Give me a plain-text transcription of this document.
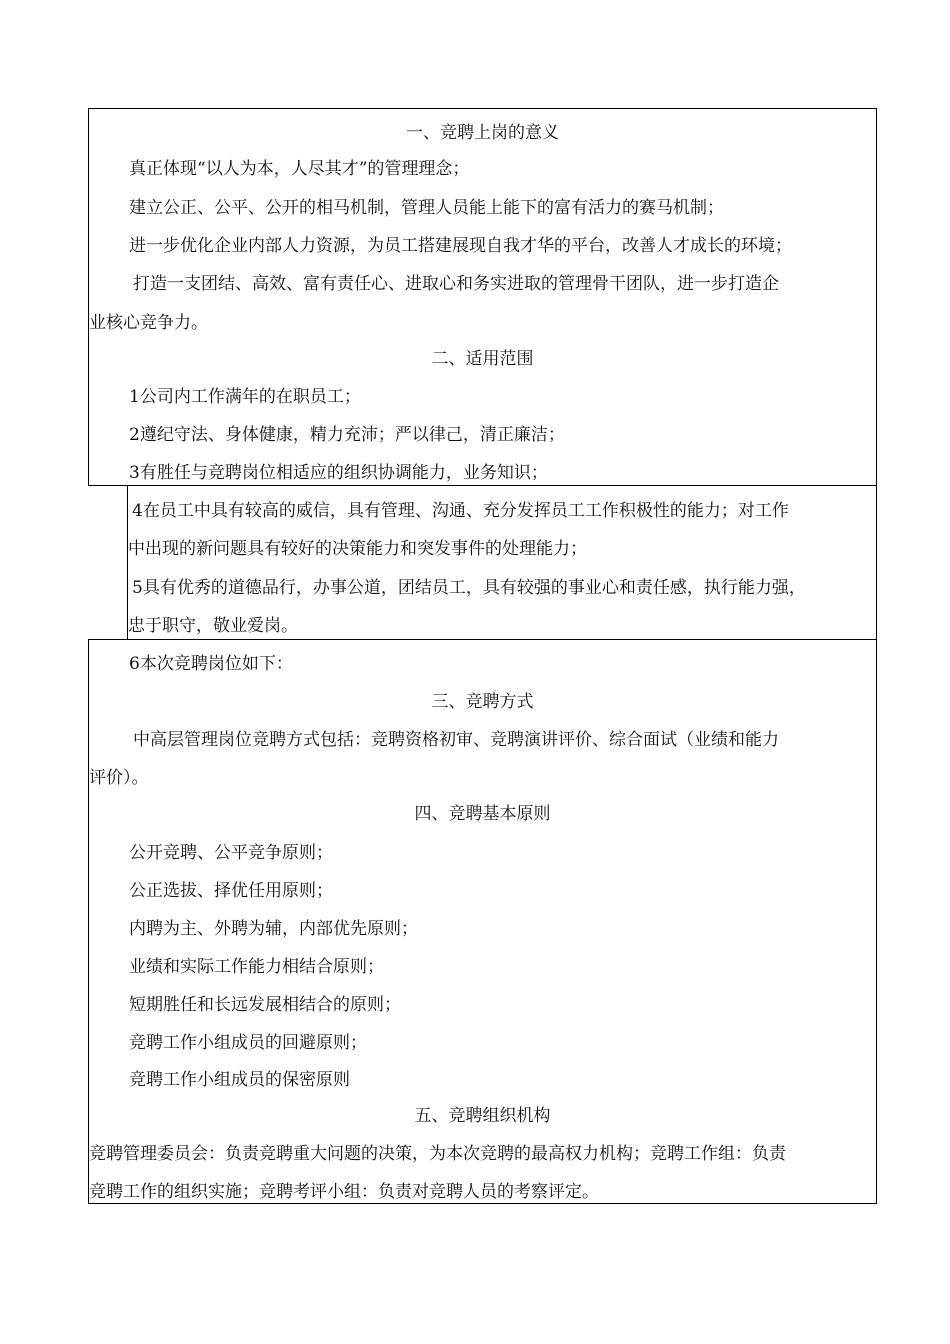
一、竞聘上岗的意义
真正体现“以人为本，人尽其才”的管理理念；
建立公正、公平、公开的相马机制，管理人员能上能下的富有活力的赛马机制；
进一步优化企业内部人力资源，为员工搭建展现自我才华的平台，改善人才成长的环境；
打造一支团结、高效、富有责任心、进取心和务实进取的管理骨干团队，进一步打造企
业核心竞争力。
二、适用范围
1公司内工作满年的在职员工；
2遵纪守法、身体健康，精力充沛；严以律己，清正廉洁；
3有胜任与竞聘岗位相适应的组织协调能力，业务知识；
4在员工中具有较高的威信，具有管理、沟通、充分发挥员工工作积极性的能力；对工作
中出现的新问题具有较好的决策能力和突发事件的处理能力；
5具有优秀的道德品行，办事公道，团结员工，具有较强的事业心和责任感，执行能力强，
忠于职守，敬业爱岗。
6本次竞聘岗位如下：
三、竞聘方式
中高层管理岗位竞聘方式包括：竞聘资格初审、竞聘演讲评价、综合面试（业绩和能力
评价）。
四、竞聘基本原则
公开竞聘、公平竞争原则；
公正选拔、择优任用原则；
内聘为主、外聘为辅，内部优先原则；
业绩和实际工作能力相结合原则；
短期胜任和长远发展相结合的原则；
竞聘工作小组成员的回避原则；
竞聘工作小组成员的保密原则
五、竞聘组织机构
竞聘管理委员会：负责竞聘重大问题的决策，为本次竞聘的最高权力机构；竞聘工作组：负责
竞聘工作的组织实施；竞聘考评小组：负责对竞聘人员的考察评定。
